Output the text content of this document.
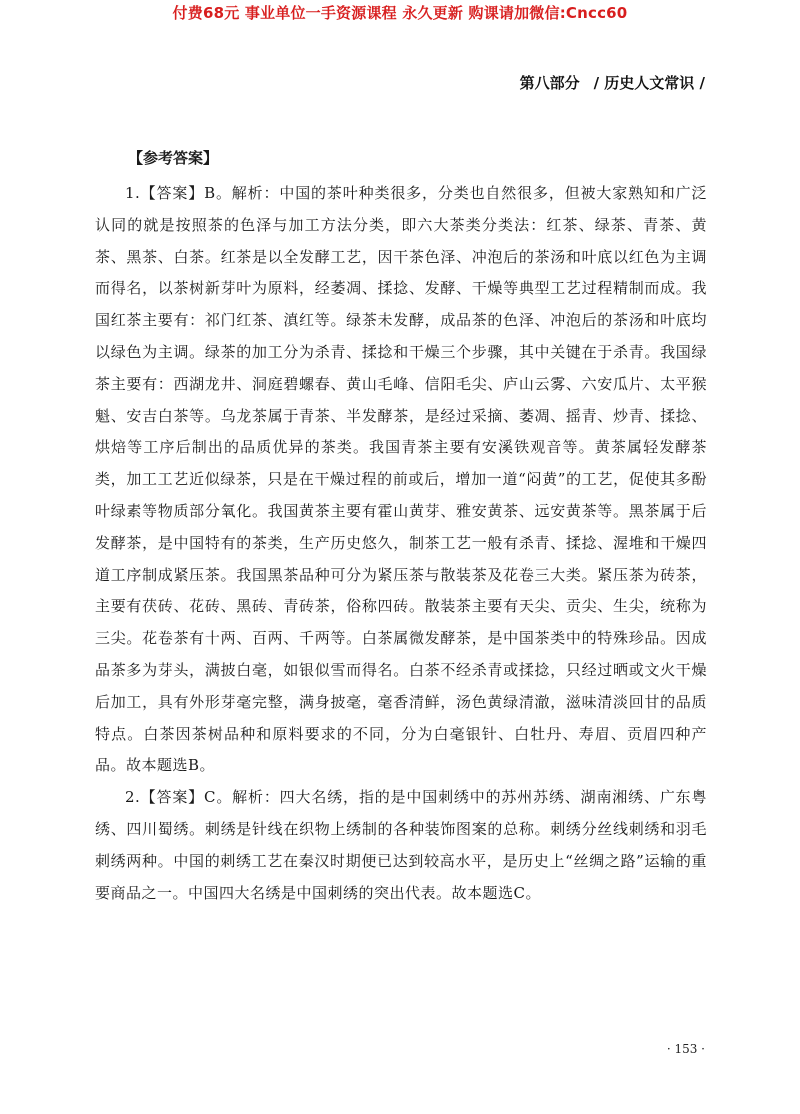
付费68元 事业单位一手资源课程 永久更新 购课请加微信:Cncc60
第八部分 / 历史人文常识 /
【参考答案】

1.【答案】B。解析：中国的茶叶种类很多，分类也自然很多，但被大家熟知和广泛认同的就是按照茶的色泽与加工方法分类，即六大茶类分类法：红茶、绿茶、青茶、黄茶、黑茶、白茶。红茶是以全发酵工艺，因干茶色泽、冲泡后的茶汤和叶底以红色为主调而得名，以茶树新芽叶为原料，经萎凋、揉捻、发酵、干燥等典型工艺过程精制而成。我国红茶主要有：祁门红茶、滇红等。绿茶未发酵，成品茶的色泽、冲泡后的茶汤和叶底均以绿色为主调。绿茶的加工分为杀青、揉捻和干燥三个步骤，其中关键在于杀青。我国绿茶主要有：西湖龙井、洞庭碧螺春、黄山毛峰、信阳毛尖、庐山云雾、六安瓜片、太平猴魁、安吉白茶等。乌龙茶属于青茶、半发酵茶，是经过采摘、萎凋、摇青、炒青、揉捻、烘焙等工序后制出的品质优异的茶类。我国青茶主要有安溪铁观音等。黄茶属轻发酵茶类，加工工艺近似绿茶，只是在干燥过程的前或后，增加一道“闷黄”的工艺，促使其多酚叶绿素等物质部分氧化。我国黄茶主要有霍山黄芽、雅安黄茶、远安黄茶等。黑茶属于后发酵茶，是中国特有的茶类，生产历史悠久，制茶工艺一般有杀青、揉捻、渥堆和干燥四道工序制成紧压茶。我国黑茶品种可分为紧压茶与散装茶及花卷三大类。紧压茶为砖茶，主要有茯砖、花砖、黑砖、青砖茶，俗称四砖。散装茶主要有天尖、贡尖、生尖，统称为三尖。花卷茶有十两、百两、千两等。白茶属微发酵茶，是中国茶类中的特殊珍品。因成品茶多为芽头，满披白毫，如银似雪而得名。白茶不经杀青或揉捻，只经过晒或文火干燥后加工，具有外形芽毫完整，满身披毫，毫香清鲜，汤色黄绿清澈，滋味清淡回甘的品质特点。白茶因茶树品种和原料要求的不同，分为白毫银针、白牡丹、寿眉、贡眉四种产品。故本题选B。

2.【答案】C。解析：四大名绣，指的是中国刺绣中的苏州苏绣、湖南湘绣、广东粤绣、四川蜀绣。刺绣是针线在织物上绣制的各种装饰图案的总称。刺绣分丝线刺绣和羽毛刺绣两种。中国的刺绣工艺在秦汉时期便已达到较高水平，是历史上“丝绸之路”运输的重要商品之一。中国四大名绣是中国刺绣的突出代表。故本题选C。

· 153 ·
